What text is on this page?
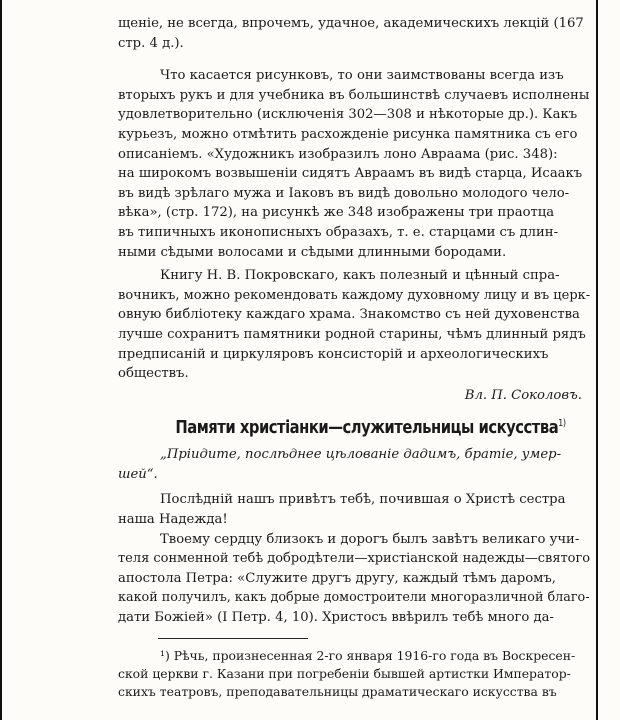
щеніе, не всегда, впрочемъ, удачное, академическихъ лекцій (167
стр. 4 д.).
Что касается рисунковъ, то они заимствованы всегда изъ
вторыхъ рукъ и для учебника въ большинствѣ случаевъ исполнены
удовлетворительно (исключенія 302—308 и нѣкоторые др.). Какъ
курьезъ, можно отмѣтить расхожденіе рисунка памятника съ его
описаніемъ. «Художникъ изобразилъ лоно Авраама (рис. 348):
на широкомъ возвышеніи сидятъ Авраамъ въ видѣ старца, Исаакъ
въ видѣ зрѣлаго мужа и Іаковъ въ видѣ довольно молодого чело-
вѣка», (стр. 172), на рисункѣ же 348 изображены три праотца
въ типичныхъ иконописныхъ образахъ, т. е. старцами съ длин-
ными сѣдыми волосами и сѣдыми длинными бородами.
Книгу Н. В. Покровскаго, какъ полезный и цѣнный спра-
вочникъ, можно рекомендовать каждому духовному лицу и въ церк-
овную библіотеку каждаго храма. Знакомство съ ней духовенства
лучше сохранитъ памятники родной старины, чѣмъ длинный рядъ
предписаній и циркуляровъ консисторій и археологическихъ
обществъ.
Вл. П. Соколовъ.
Памяти христіанки—служительницы искусства$^{1)}$
„Пріидите, послѣднее цѣлованіе дадимъ, братіе, умер-
шей“.
Послѣдній нашъ привѣтъ тебѣ, почившая о Христѣ сестра
наша Надежда!
Твоему сердцу близокъ и дорогъ былъ завѣтъ великаго учи-
теля сонменной тебѣ добродѣтели—христіанской надежды—святого
апостола Петра: «Служите другъ другу, каждый тѣмъ даромъ,
какой получилъ, какъ добрые домостроители многоразличной благо-
дати Божіей» (I Петр. 4, 10). Христосъ ввѣрилъ тебѣ много да-
¹) Рѣчь, произнесенная 2-го января 1916-го года въ Воскресен-
ской церкви г. Казани при погребеніи бывшей артистки Император-
скихъ театровъ, преподавательницы драматическаго искусства въ
